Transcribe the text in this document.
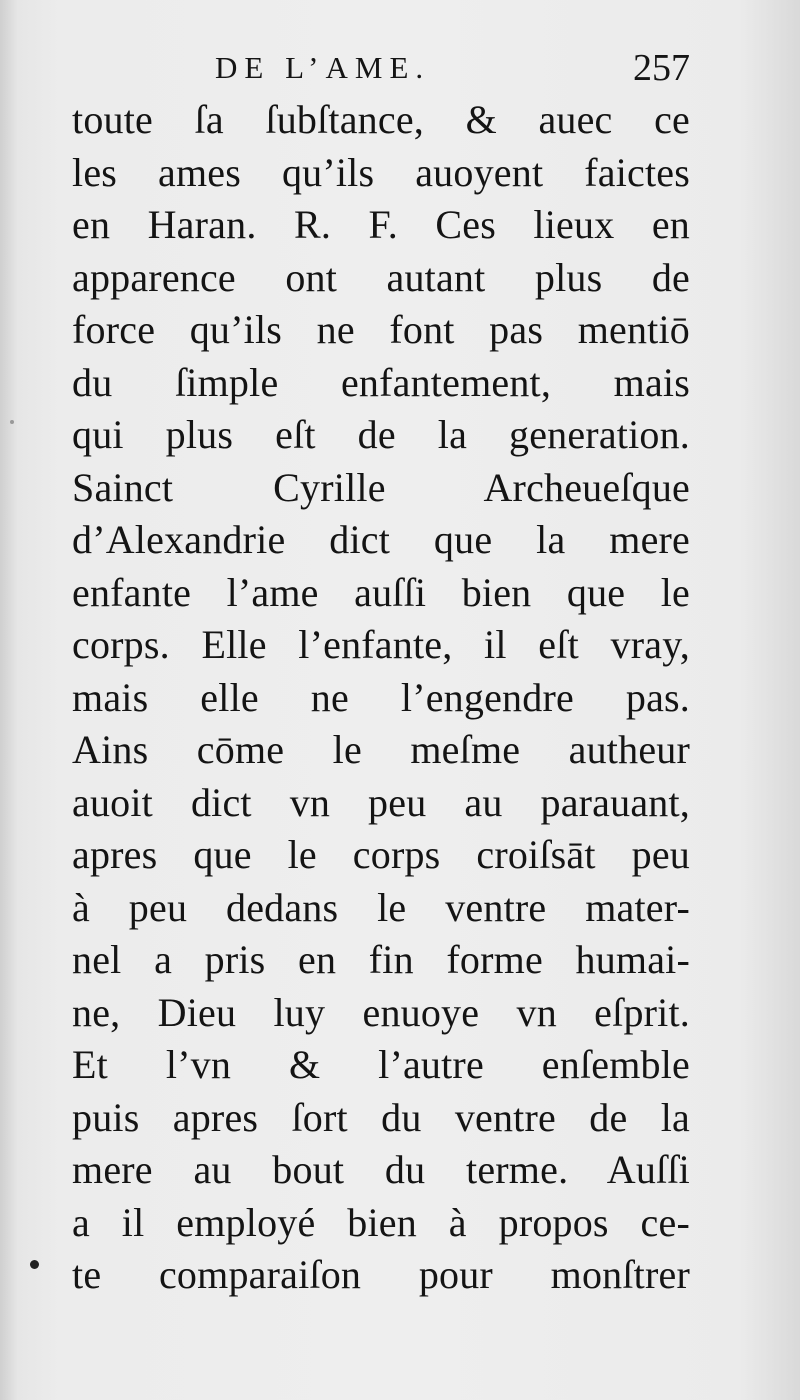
DE L’AME.	257
toute ſa ſubſtance, & auec ce
les ames qu’ils auoyent faictes
en Haran. R. F. Ces lieux en
apparence ont autant plus de
force qu’ils ne font pas mentiō
du ſimple enfantement, mais
qui plus eſt de la generation.
Sainct Cyrille Archeueſque
d’Alexandrie dict que la mere
enfante l’ame auſſi bien que le
corps. Elle l’enfante, il eſt vray,
mais elle ne l’engendre pas.
Ains cōme le meſme autheur
auoit dict vn peu au parauant,
apres que le corps croiſsāt peu
à peu dedans le ventre mater-
nel a pris en fin forme humai-
ne, Dieu luy enuoye vn eſprit.
Et l’vn & l’autre enſemble
puis apres ſort du ventre de la
mere au bout du terme. Auſſi
a il employé bien à propos ce-
te comparaiſon pour monſtrer
